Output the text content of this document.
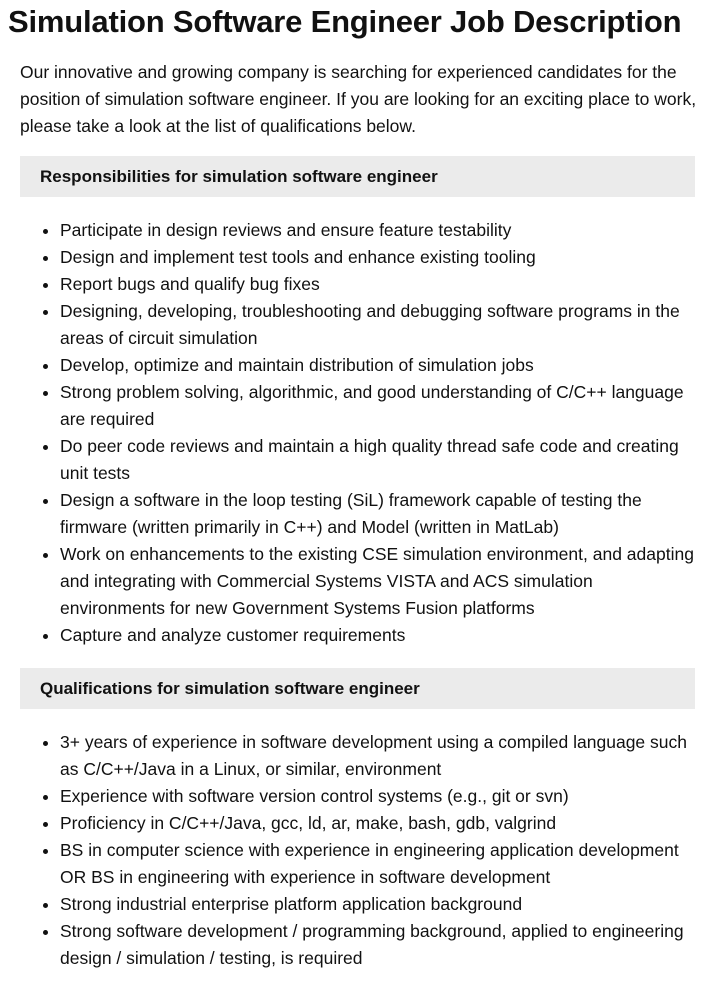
Simulation Software Engineer Job Description

Our innovative and growing company is searching for experienced candidates for the position of simulation software engineer. If you are looking for an exciting place to work, please take a look at the list of qualifications below.

Responsibilities for simulation software engineer
• Participate in design reviews and ensure feature testability
• Design and implement test tools and enhance existing tooling
• Report bugs and qualify bug fixes
• Designing, developing, troubleshooting and debugging software programs in the areas of circuit simulation
• Develop, optimize and maintain distribution of simulation jobs
• Strong problem solving, algorithmic, and good understanding of C/C++ language are required
• Do peer code reviews and maintain a high quality thread safe code and creating unit tests
• Design a software in the loop testing (SiL) framework capable of testing the firmware (written primarily in C++) and Model (written in MatLab)
• Work on enhancements to the existing CSE simulation environment, and adapting and integrating with Commercial Systems VISTA and ACS simulation environments for new Government Systems Fusion platforms
• Capture and analyze customer requirements
Qualifications for simulation software engineer
• 3+ years of experience in software development using a compiled language such as C/C++/Java in a Linux, or similar, environment
• Experience with software version control systems (e.g., git or svn)
• Proficiency in C/C++/Java, gcc, ld, ar, make, bash, gdb, valgrind
• BS in computer science with experience in engineering application development OR BS in engineering with experience in software development
• Strong industrial enterprise platform application background
• Strong software development / programming background, applied to engineering design / simulation / testing, is required
